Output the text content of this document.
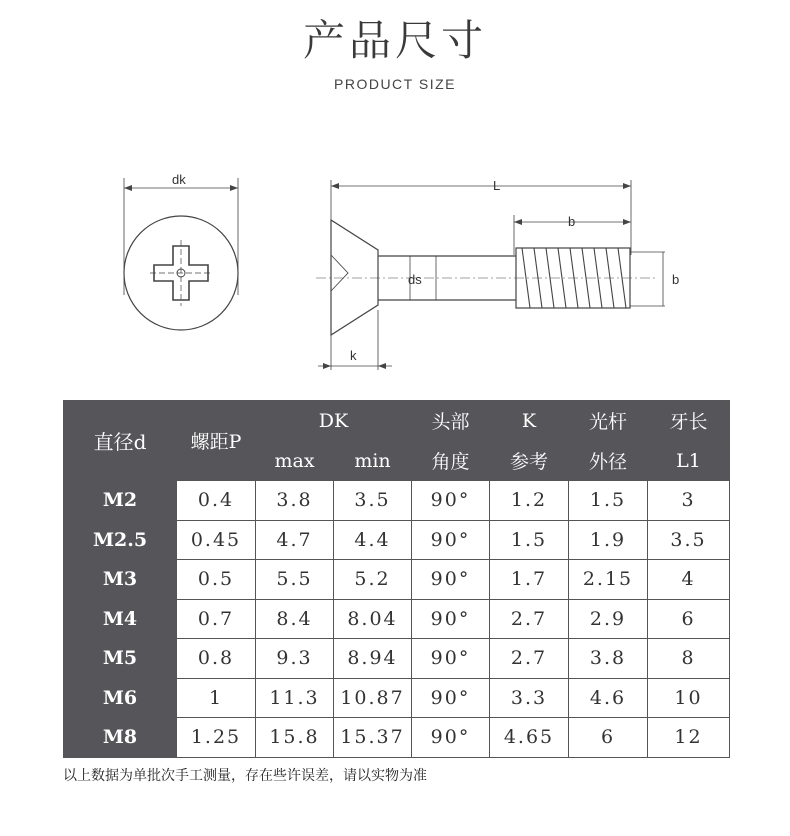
产品尺寸
PRODUCT SIZE
dk	L
b
b
ds
k
直径d	螺距P	DK		头部	K	光杆	牙长
		max	min	角度	参考	外径	L1
M2	0.4	3.8	3.5	90°	1.2	1.5	3
M2.5	0.45	4.7	4.4	90°	1.5	1.9	3.5
M3	0.5	5.5	5.2	90°	1.7	2.15	4
M4	0.7	8.4	8.04	90°	2.7	2.9	6
M5	0.8	9.3	8.94	90°	2.7	3.8	8
M6	1	11.3	10.87	90°	3.3	4.6	10
M8	1.25	15.8	15.37	90°	4.65	6	12
以上数据为单批次手工测量，存在些许误差，请以实物为准
